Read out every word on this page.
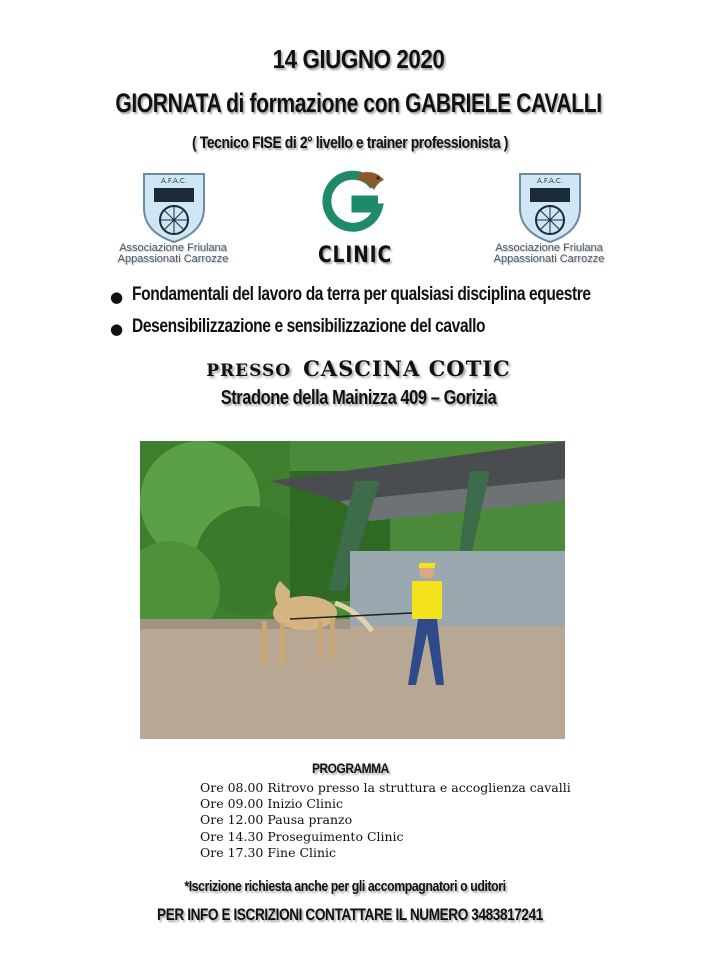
14 GIUGNO 2020
GIORNATA di formazione con GABRIELE CAVALLI
( Tecnico FISE di 2° livello e trainer professionista )
A.F.A.C.
Associazione Friulana
Appassionati Carrozze	CLINIC
A.F.A.C.
Associazione Friulana
Appassionati Carrozze
● Fondamentali del lavoro da terra per qualsiasi disciplina equestre
● Desensibilizzazione e sensibilizzazione del cavallo
PRESSO CASCINA COTIC
Stradone della Mainizza 409 – Gorizia
PROGRAMMA
Ore 08.00 Ritrovo presso la struttura e accoglienza cavalli
Ore 09.00 Inizio Clinic
Ore 12.00 Pausa pranzo
Ore 14.30 Proseguimento Clinic
Ore 17.30 Fine Clinic
*Iscrizione richiesta anche per gli accompagnatori o uditori
PER INFO E ISCRIZIONI CONTATTARE IL NUMERO 3483817241
